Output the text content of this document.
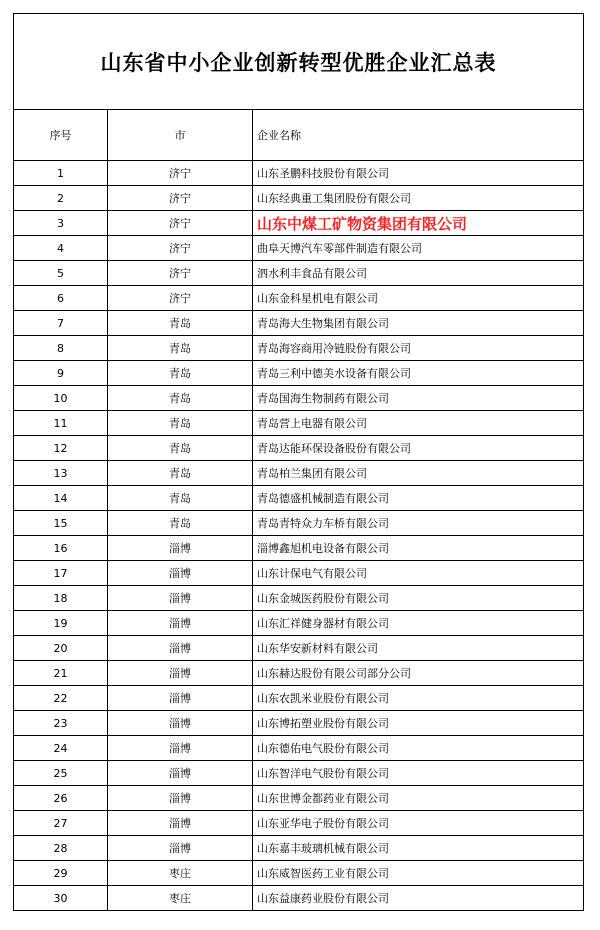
山东省中小企业创新转型优胜企业汇总表		
序号	市	企业名称
1	济宁	山东圣鹏科技股份有限公司
2	济宁	山东经典重工集团股份有限公司
3	济宁	山东中煤工矿物资集团有限公司
4	济宁	曲阜天博汽车零部件制造有限公司
5	济宁	泗水利丰食品有限公司
6	济宁	山东金科星机电有限公司
7	青岛	青岛海大生物集团有限公司
8	青岛	青岛海容商用冷链股份有限公司
9	青岛	青岛三利中德美水设备有限公司
10	青岛	青岛国海生物制药有限公司
11	青岛	青岛营上电器有限公司
12	青岛	青岛达能环保设备股份有限公司
13	青岛	青岛柏兰集团有限公司
14	青岛	青岛德盛机械制造有限公司
15	青岛	青岛青特众力车桥有限公司
16	淄博	淄博鑫旭机电设备有限公司
17	淄博	山东计保电气有限公司
18	淄博	山东金城医药股份有限公司
19	淄博	山东汇祥健身器材有限公司
20	淄博	山东华安新材料有限公司
21	淄博	山东赫达股份有限公司部分公司
22	淄博	山东农凯米业股份有限公司
23	淄博	山东博拓塑业股份有限公司
24	淄博	山东德佑电气股份有限公司
25	淄博	山东智洋电气股份有限公司
26	淄博	山东世博金都药业有限公司
27	淄博	山东亚华电子股份有限公司
28	淄博	山东嘉丰玻璃机械有限公司
29	枣庄	山东威智医药工业有限公司
30	枣庄	山东益康药业股份有限公司
